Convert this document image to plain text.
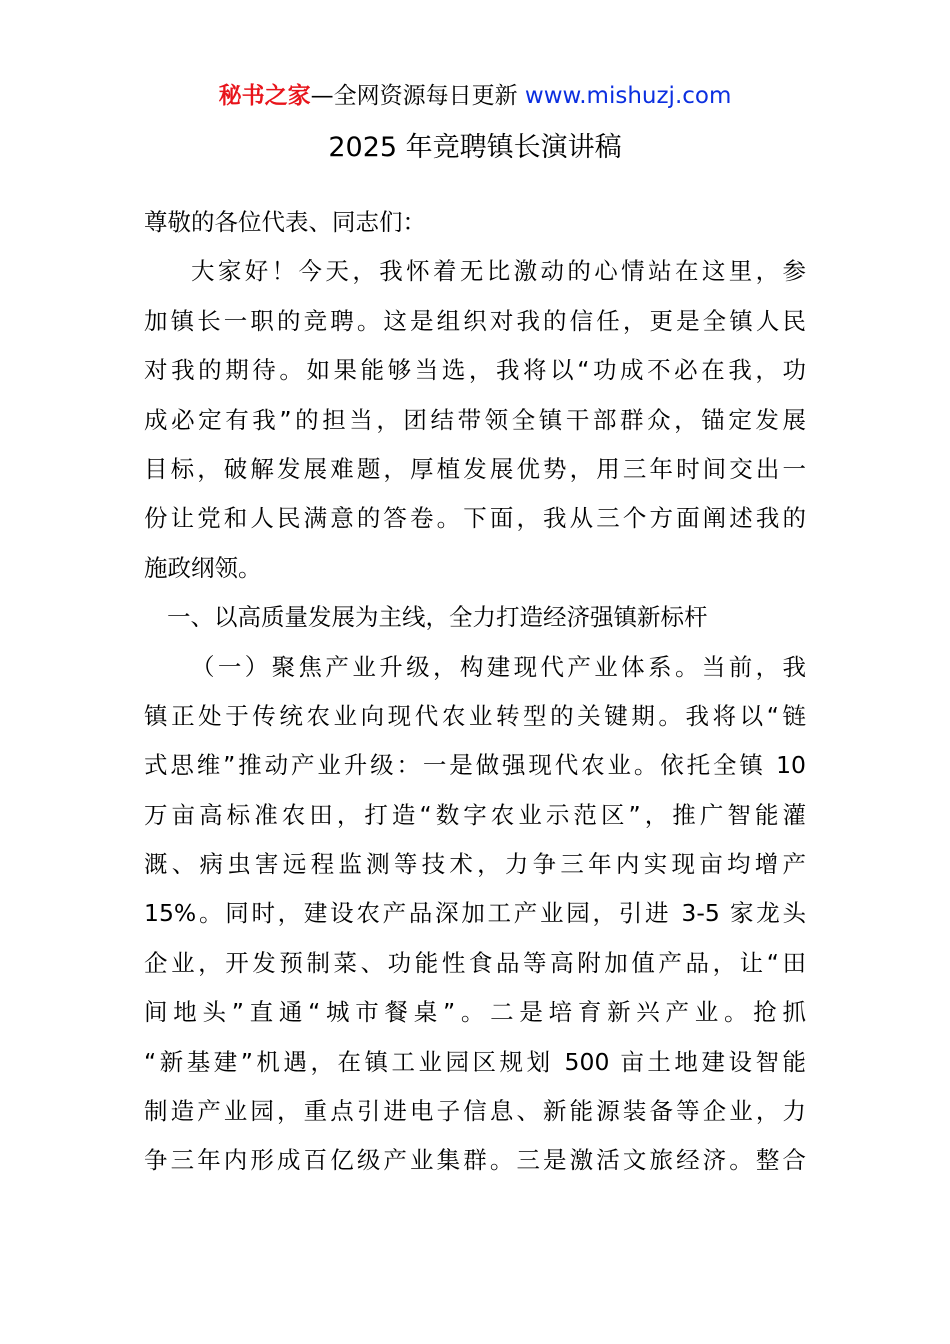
秘书之家—全网资源每日更新 www.mishuzj.com
2025 年竞聘镇长演讲稿
尊敬的各位代表、同志们：
大家好！今天，我怀着无比激动的心情站在这里，参
加镇长一职的竞聘。这是组织对我的信任，更是全镇人民
对我的期待。如果能够当选，我将以“功成不必在我，功
成必定有我”的担当，团结带领全镇干部群众，锚定发展
目标，破解发展难题，厚植发展优势，用三年时间交出一
份让党和人民满意的答卷。下面，我从三个方面阐述我的
施政纲领。
一、以高质量发展为主线，全力打造经济强镇新标杆
（一）聚焦产业升级，构建现代产业体系。当前，我
镇正处于传统农业向现代农业转型的关键期。我将以“链
式思维”推动产业升级：一是做强现代农业。依托全镇 10
万亩高标准农田，打造“数字农业示范区”，推广智能灌
溉、病虫害远程监测等技术，力争三年内实现亩均增产
15%。同时，建设农产品深加工产业园，引进 3-5 家龙头
企业，开发预制菜、功能性食品等高附加值产品，让“田
间地头”直通“城市餐桌”。二是培育新兴产业。抢抓
“新基建”机遇，在镇工业园区规划 500 亩土地建设智能
制造产业园，重点引进电子信息、新能源装备等企业，力
争三年内形成百亿级产业集群。三是激活文旅经济。整合
